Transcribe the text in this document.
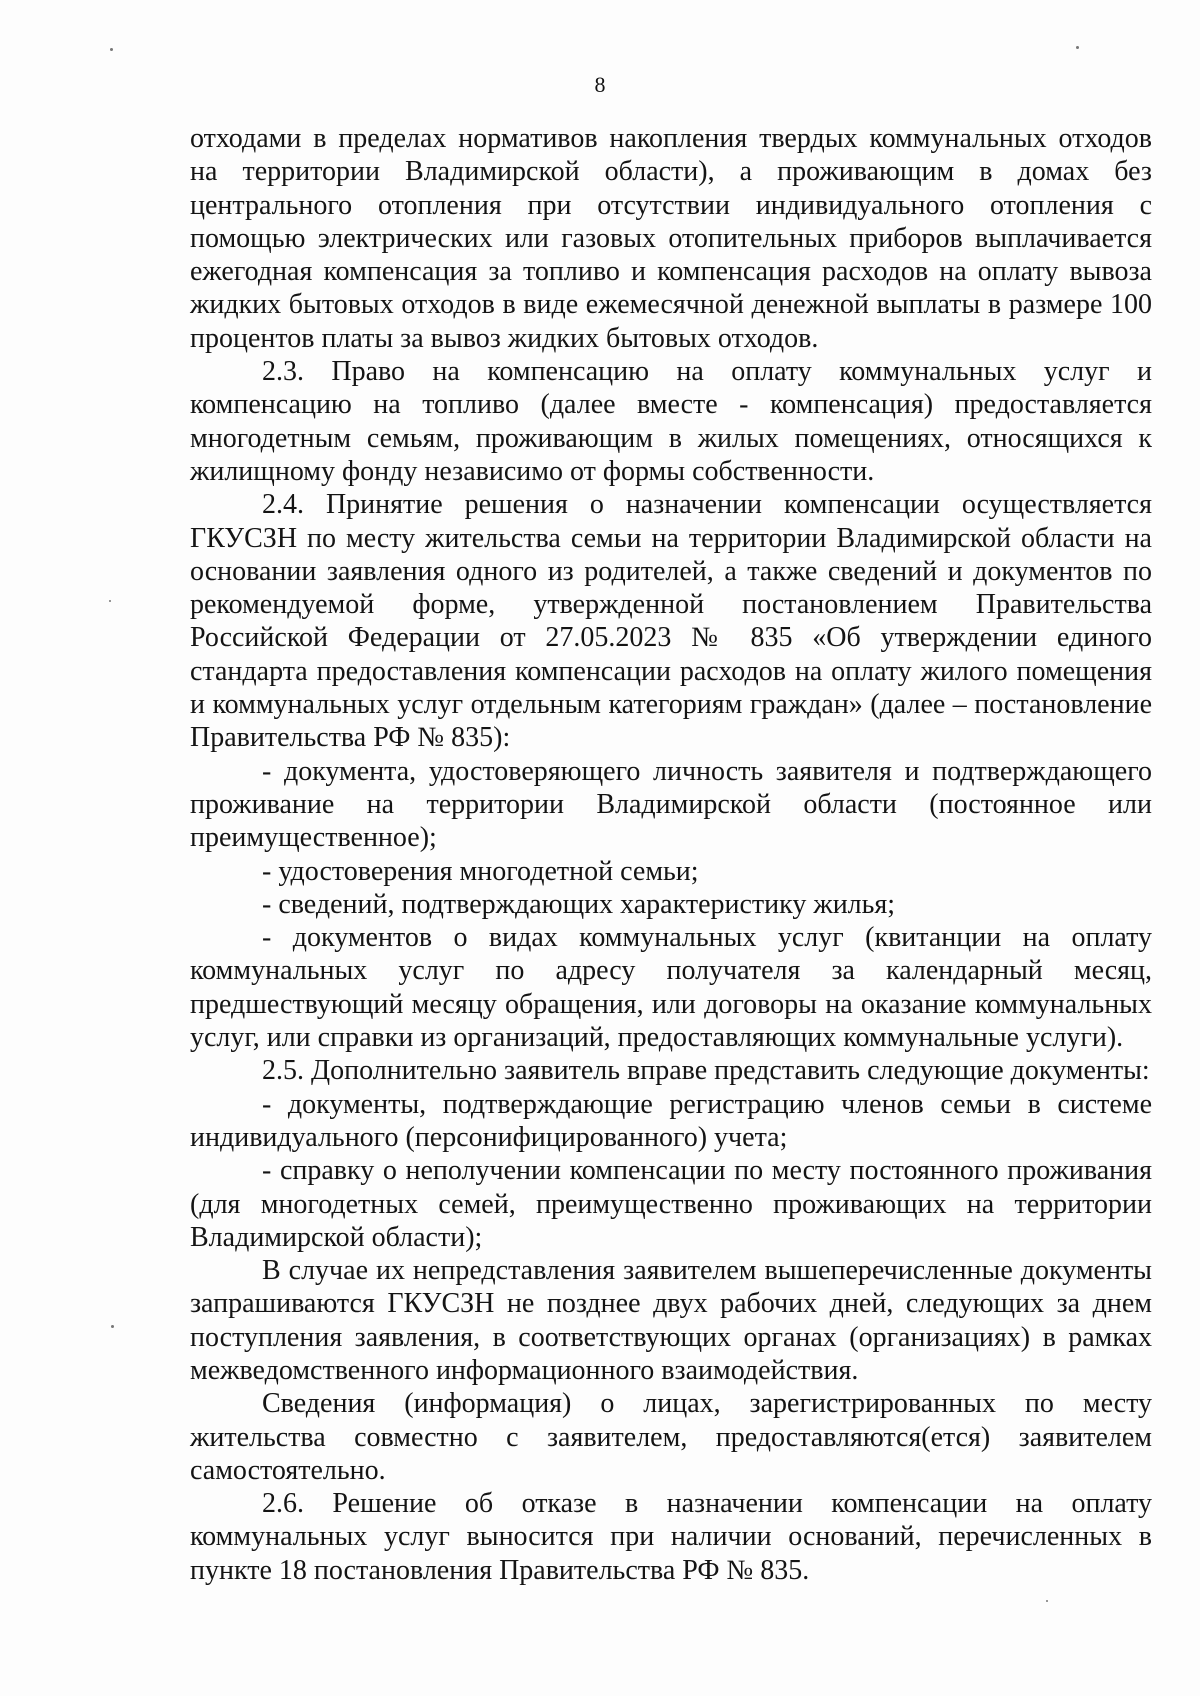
8

отходами в пределах нормативов накопления твердых коммунальных отходов на территории Владимирской области), а проживающим в домах без центрального отопления при отсутствии индивидуального отопления с помощью электрических или газовых отопительных приборов выплачивается ежегодная компенсация за топливо и компенсация расходов на оплату вывоза жидких бытовых отходов в виде ежемесячной денежной выплаты в размере 100 процентов платы за вывоз жидких бытовых отходов.

2.3. Право на компенсацию на оплату коммунальных услуг и компенсацию на топливо (далее вместе - компенсация) предоставляется многодетным семьям, проживающим в жилых помещениях, относящихся к жилищному фонду независимо от формы собственности.

2.4. Принятие решения о назначении компенсации осуществляется ГКУСЗН по месту жительства семьи на территории Владимирской области на основании заявления одного из родителей, а также сведений и документов по рекомендуемой форме, утвержденной постановлением Правительства Российской Федерации от 27.05.2023 № 835 «Об утверждении единого стандарта предоставления компенсации расходов на оплату жилого помещения и коммунальных услуг отдельным категориям граждан» (далее – постановление Правительства РФ № 835):

- документа, удостоверяющего личность заявителя и подтверждающего проживание на территории Владимирской области (постоянное или преимущественное);

- удостоверения многодетной семьи;

- сведений, подтверждающих характеристику жилья;

- документов о видах коммунальных услуг (квитанции на оплату коммунальных услуг по адресу получателя за календарный месяц, предшествующий месяцу обращения, или договоры на оказание коммунальных услуг, или справки из организаций, предоставляющих коммунальные услуги).

2.5. Дополнительно заявитель вправе представить следующие документы:

- документы, подтверждающие регистрацию членов семьи в системе индивидуального (персонифицированного) учета;

- справку о неполучении компенсации по месту постоянного проживания (для многодетных семей, преимущественно проживающих на территории Владимирской области);

В случае их непредставления заявителем вышеперечисленные документы запрашиваются ГКУСЗН не позднее двух рабочих дней, следующих за днем поступления заявления, в соответствующих органах (организациях) в рамках межведомственного информационного взаимодействия.

Сведения (информация) о лицах, зарегистрированных по месту жительства совместно с заявителем, предоставляются(ется) заявителем самостоятельно.

2.6. Решение об отказе в назначении компенсации на оплату коммунальных услуг выносится при наличии оснований, перечисленных в пункте 18 постановления Правительства РФ № 835.
